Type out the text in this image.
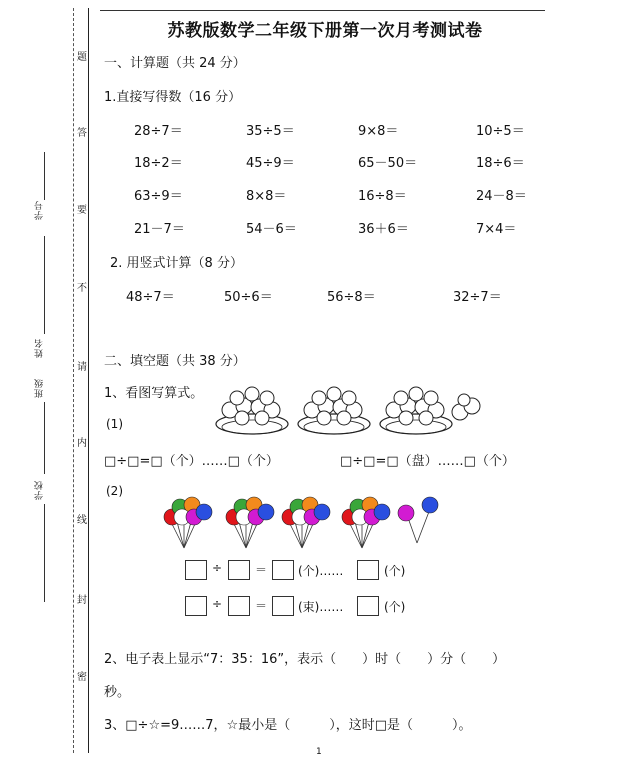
题
答
要
不
请
内
线
封
密
学号
姓名
班级
学校
苏教版数学二年级下册第一次月考测试卷
一、计算题（共 24 分）
1.直接写得数（16 分）
28÷7＝	35÷5＝	9×8＝	10÷5＝
18÷2＝	45÷9＝	65－50＝	18÷6＝
63÷9＝	8×8＝	16÷8＝	24－8＝
21－7＝	54－6＝	36＋6＝	7×4＝
2. 用竖式计算（8 分）
48÷7＝	50÷6＝	56÷8＝	32÷7＝
二、填空题（共 38 分）
1、看图写算式。
(1)
□÷□=□（个）……□（个）	□÷□=□（盘）……□（个）
(2)
÷	＝	(个)……	(个)
÷	＝	(束)……	(个)
2、电子表上显示“7：35：16”，表示（　　）时（　　）分（　　）
秒。
3、□÷☆=9……7，☆最小是（　　　），这时□是（　　　）。
1
